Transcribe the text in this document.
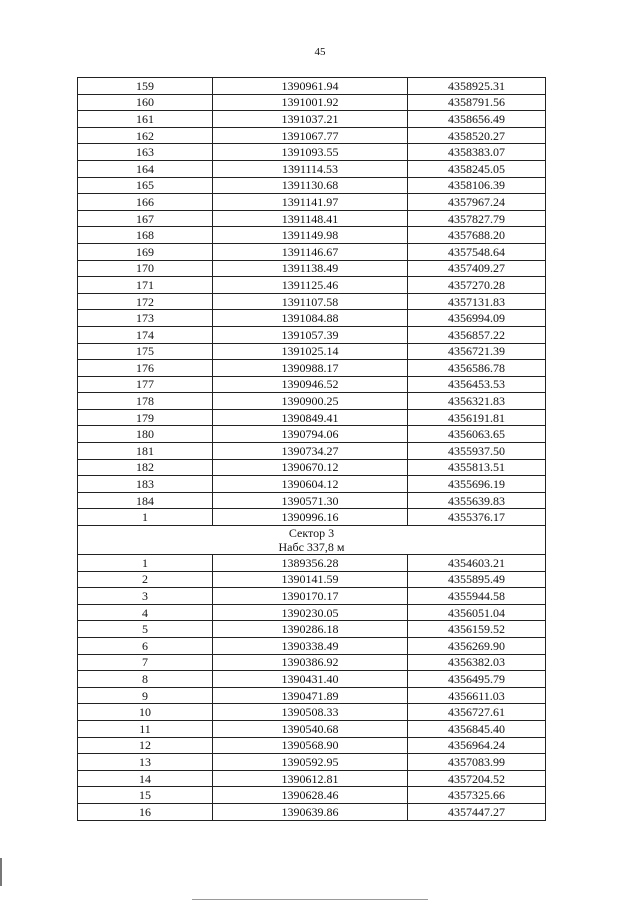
45
159	1390961.94	4358925.31
160	1391001.92	4358791.56
161	1391037.21	4358656.49
162	1391067.77	4358520.27
163	1391093.55	4358383.07
164	1391114.53	4358245.05
165	1391130.68	4358106.39
166	1391141.97	4357967.24
167	1391148.41	4357827.79
168	1391149.98	4357688.20
169	1391146.67	4357548.64
170	1391138.49	4357409.27
171	1391125.46	4357270.28
172	1391107.58	4357131.83
173	1391084.88	4356994.09
174	1391057.39	4356857.22
175	1391025.14	4356721.39
176	1390988.17	4356586.78
177	1390946.52	4356453.53
178	1390900.25	4356321.83
179	1390849.41	4356191.81
180	1390794.06	4356063.65
181	1390734.27	4355937.50
182	1390670.12	4355813.51
183	1390604.12	4355696.19
184	1390571.30	4355639.83
1	1390996.16	4355376.17

Сектор 3
Набс 337,8 м		

1	1389356.28	4354603.21
2	1390141.59	4355895.49
3	1390170.17	4355944.58
4	1390230.05	4356051.04
5	1390286.18	4356159.52
6	1390338.49	4356269.90
7	1390386.92	4356382.03
8	1390431.40	4356495.79
9	1390471.89	4356611.03
10	1390508.33	4356727.61
11	1390540.68	4356845.40
12	1390568.90	4356964.24
13	1390592.95	4357083.99
14	1390612.81	4357204.52
15	1390628.46	4357325.66
16	1390639.86	4357447.27
